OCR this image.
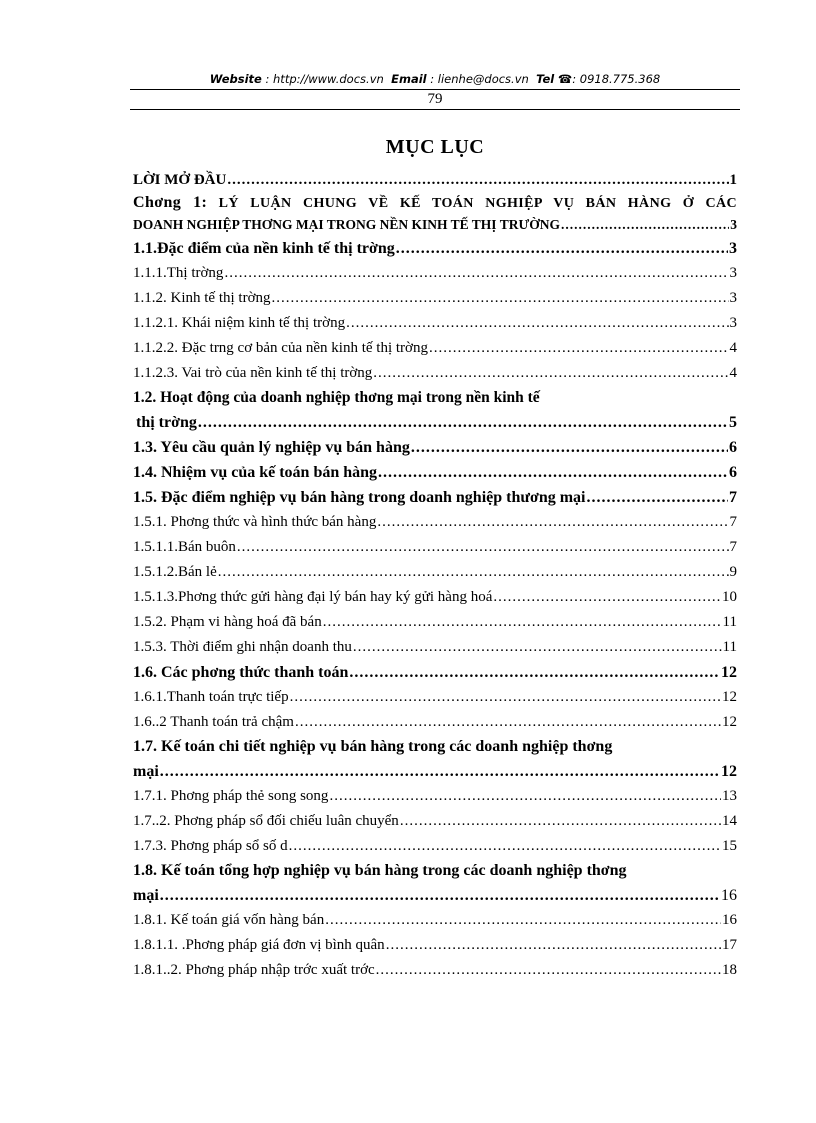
Website : http://www.docs.vn Email : lienhe@docs.vn Tel ☎: 0918.775.368
79
MỤC LỤC
LỜI MỞ ĐẦU .....	1
Chơng 1: LÝ LUẬN CHUNG VỀ KẾ TOÁN NGHIỆP VỤ BÁN HÀNG Ở CÁC
DOANH NGHIỆP THƠNG MẠI TRONG NỀN KINH TẾ THỊ TRƯỜNG .....	3
1.1.Đặc điểm của nền kinh tế thị trờng .....	3
1.1.1.Thị trờng .....	3
1.1.2. Kinh tế thị trờng .....	3
1.1.2.1. Khái niệm kinh tế thị trờng .....	3
1.1.2.2. Đặc trng cơ bản của nền kinh tế thị trờng .....	4
1.1.2.3. Vai trò của nền kinh tế thị trờng .....	4
1.2. Hoạt động của doanh nghiệp thơng mại trong nền kinh tế
thị trờng .....	5
1.3. Yêu cầu quản lý nghiệp vụ bán hàng .....	6
1.4. Nhiệm vụ của kế toán bán hàng .....	6
1.5. Đặc điểm nghiệp vụ bán hàng trong doanh nghiệp thương mại .....	7
1.5.1. Phơng thức và hình thức bán hàng .....	7
1.5.1.1.Bán buôn .....	7
1.5.1.2.Bán lẻ .....	9
1.5.1.3.Phơng thức gửi hàng đại lý bán hay ký gửi hàng hoá .....	10
1.5.2. Phạm vi hàng hoá đã bán .....	11
1.5.3. Thời điểm ghi nhận doanh thu .....	11
1.6. Các phơng thức thanh toán .....	12
1.6.1.Thanh toán trực tiếp .....	12
1.6..2 Thanh toán trả chậm .....	12
1.7. Kế toán chi tiết nghiệp vụ bán hàng trong các doanh nghiệp thơng
mại .....	12
1.7.1. Phơng pháp thẻ song song .....	13
1.7..2. Phơng pháp sổ đối chiếu luân chuyển .....	14
1.7.3. Phơng pháp sổ số d .....	15
1.8. Kế toán tổng hợp nghiệp vụ bán hàng trong các doanh nghiệp thơng
mại .....	16
1.8.1. Kế toán giá vốn hàng bán .....	16
1.8.1.1. .Phơng pháp giá đơn vị bình quân .....	17
1.8.1..2. Phơng pháp nhập trớc xuất trớc .....	18
